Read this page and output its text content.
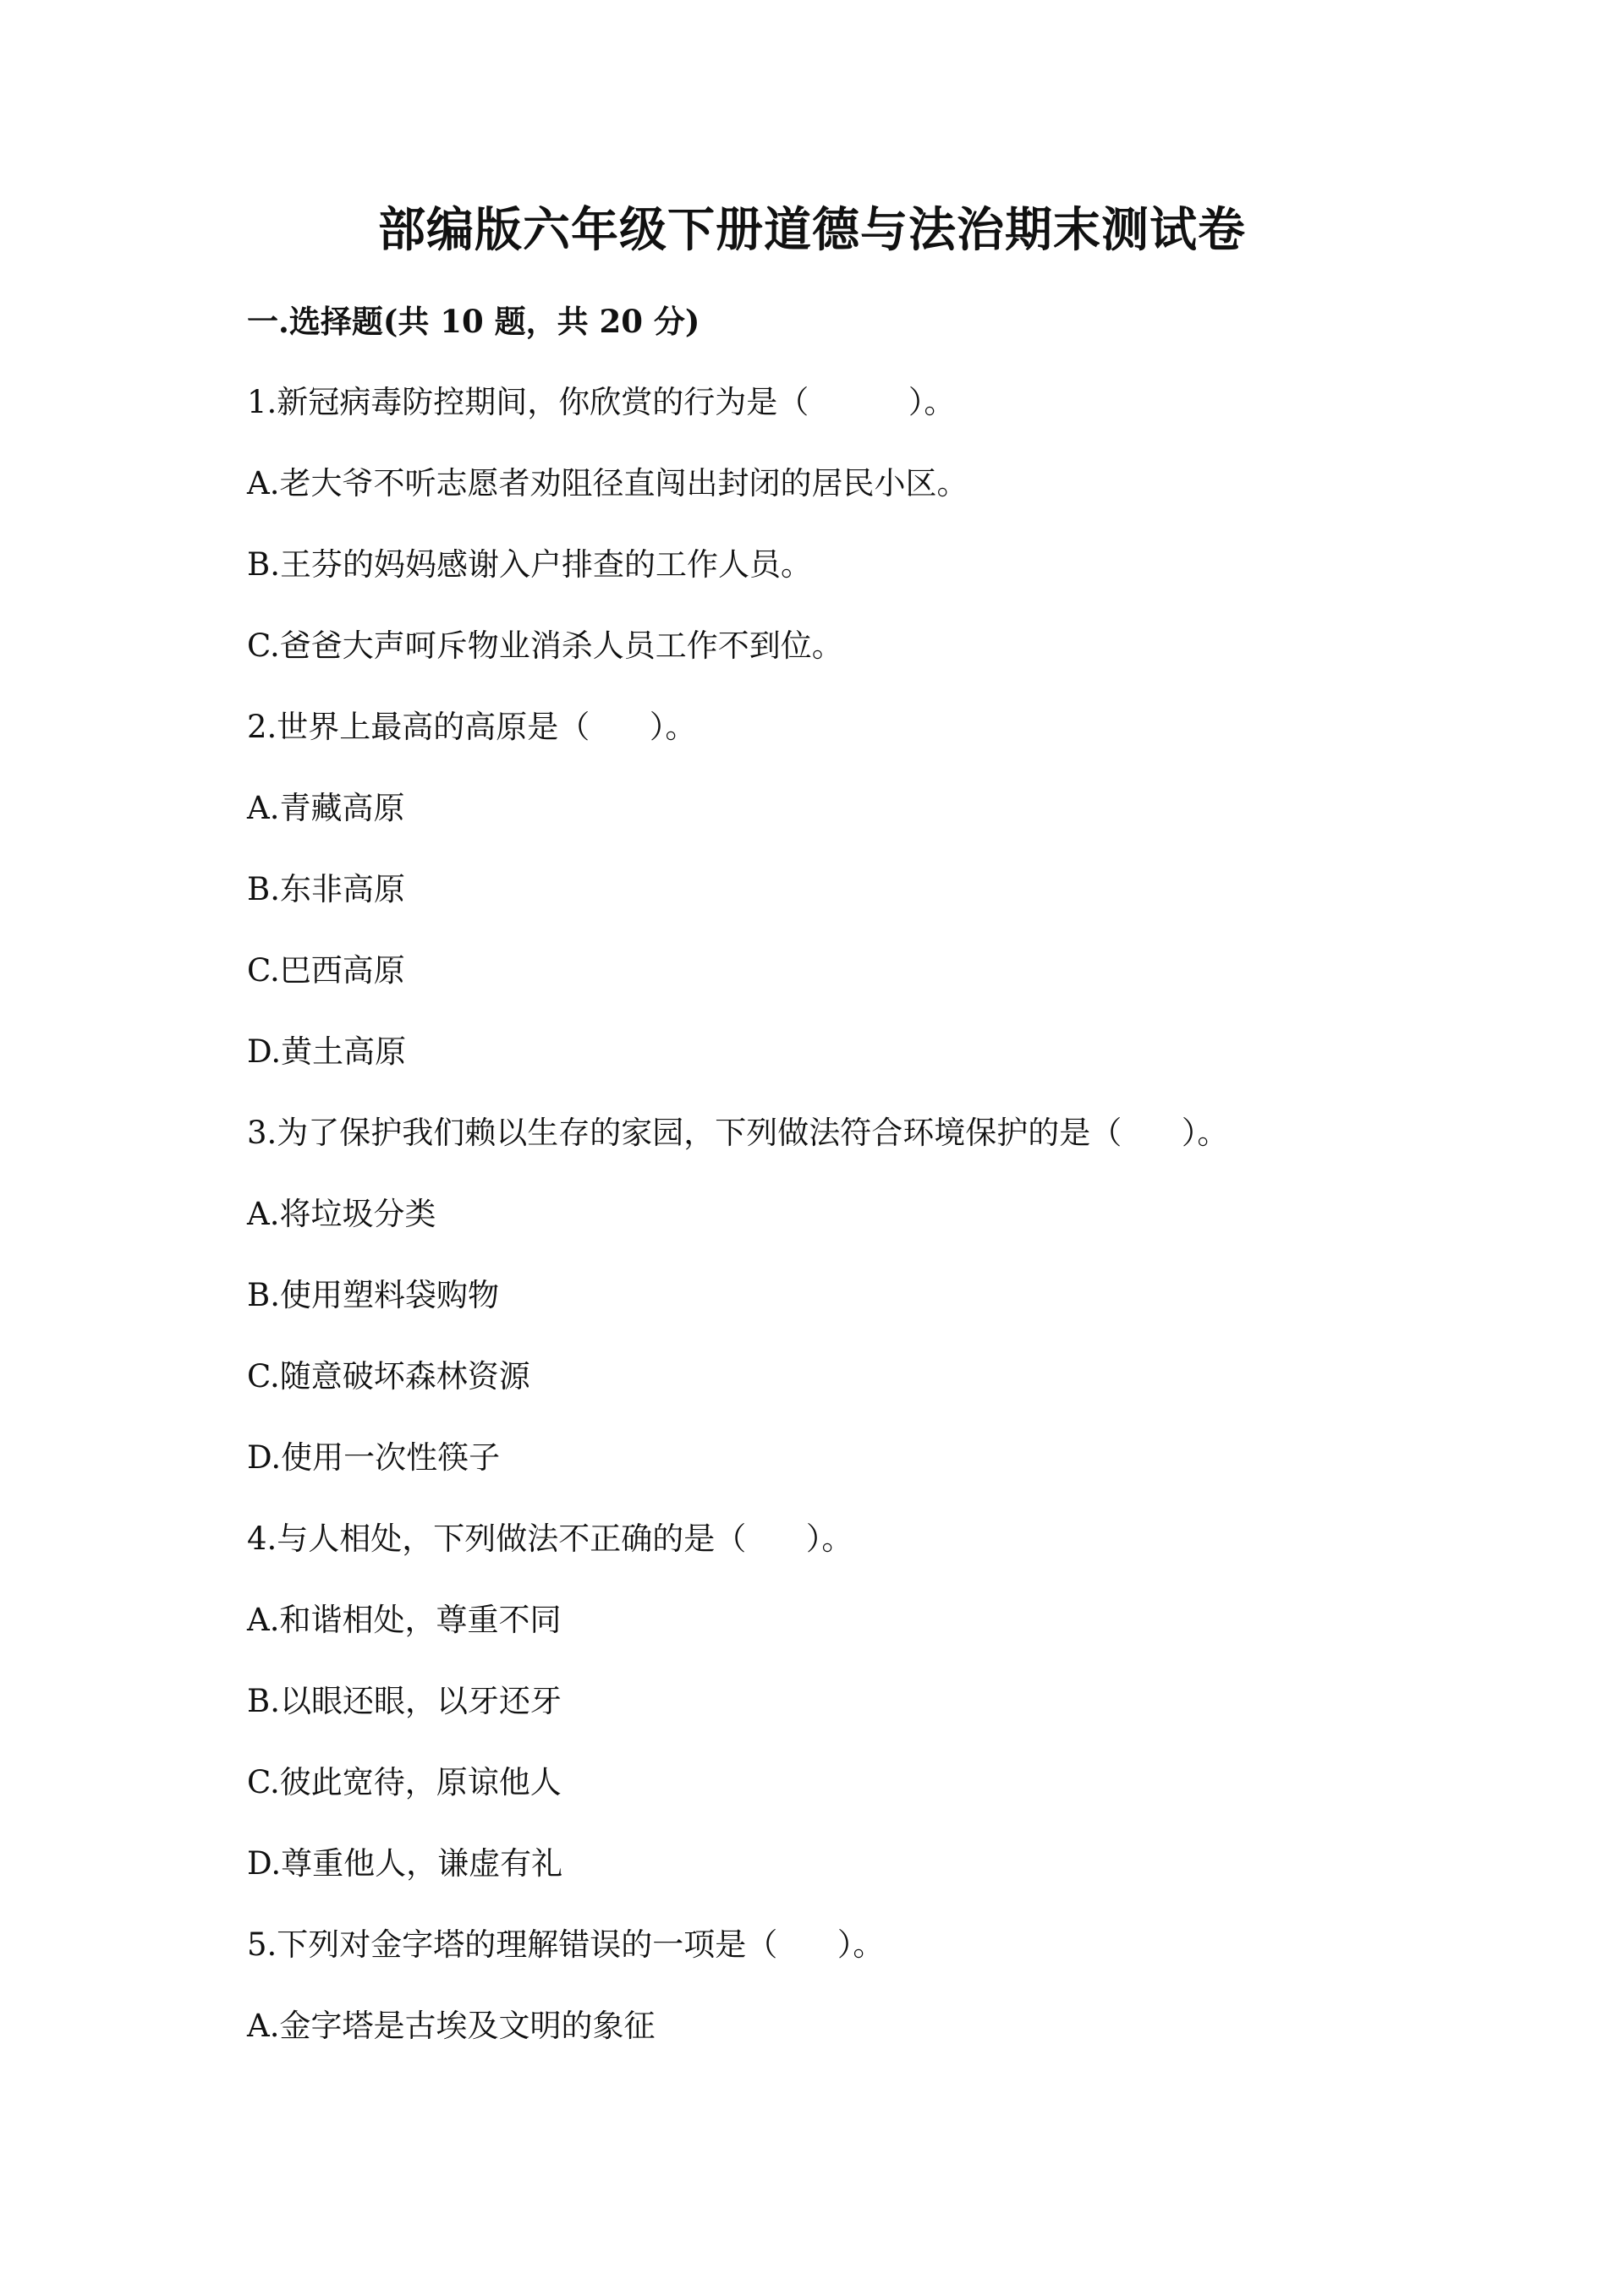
部编版六年级下册道德与法治期末测试卷
一.选择题(共 10 题，共 20 分)
1.新冠病毒防控期间，你欣赏的行为是（          ）。
A.老大爷不听志愿者劝阻径直闯出封闭的居民小区。
B.王芬的妈妈感谢入户排查的工作人员。
C.爸爸大声呵斥物业消杀人员工作不到位。
2.世界上最高的高原是（      ）。
A.青藏高原
B.东非高原
C.巴西高原
D.黄土高原
3.为了保护我们赖以生存的家园，下列做法符合环境保护的是（      ）。
A.将垃圾分类
B.使用塑料袋购物
C.随意破坏森林资源
D.使用一次性筷子
4.与人相处，下列做法不正确的是（      ）。
A.和谐相处，尊重不同
B.以眼还眼，以牙还牙
C.彼此宽待，原谅他人
D.尊重他人，谦虚有礼
5.下列对金字塔的理解错误的一项是（      ）。
A.金字塔是古埃及文明的象征
